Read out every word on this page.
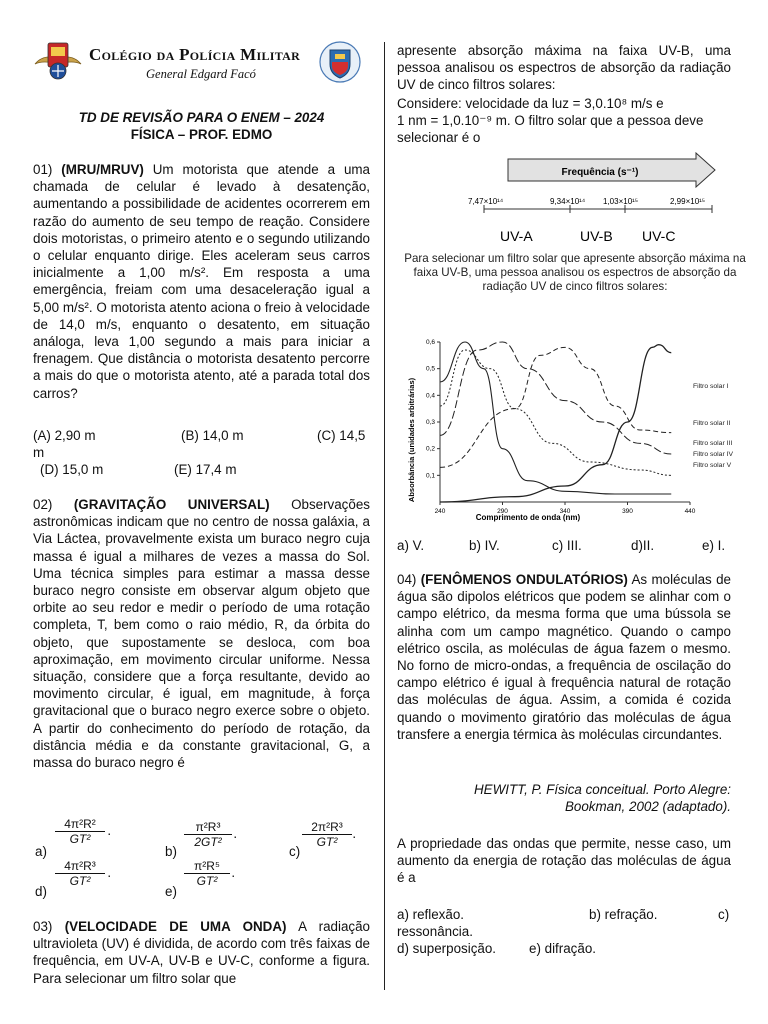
Colégio da Polícia Militar
General Edgard Facó
TD DE REVISÃO PARA O ENEM – 2024
FÍSICA – PROF. EDMO
01) (MRU/MRUV) Um motorista que atende a uma chamada de celular é levado à desatenção, aumentando a possibilidade de acidentes ocorrerem em razão do aumento de seu tempo de reação. Considere dois motoristas, o primeiro atento e o segundo utilizando o celular enquanto dirige. Eles aceleram seus carros inicialmente a 1,00 m/s². Em resposta a uma emergência, freiam com uma desaceleração igual a 5,00 m/s². O motorista atento aciona o freio à velocidade de 14,0 m/s, enquanto o desatento, em situação análoga, leva 1,00 segundo a mais para iniciar a frenagem. Que distância o motorista desatento percorre a mais do que o motorista atento, até a parada total dos carros?
(A) 2,90 m	(B) 14,0 m	(C) 14,5
m
(D) 15,0 m	(E) 17,4 m
02) (GRAVITAÇÃO UNIVERSAL) Observações astronômicas indicam que no centro de nossa galáxia, a Via Láctea, provavelmente exista um buraco negro cuja massa é igual a milhares de vezes a massa do Sol. Uma técnica simples para estimar a massa desse buraco negro consiste em observar algum objeto que orbite ao seu redor e medir o período de uma rotação completa, T, bem como o raio médio, R, da órbita do objeto, que supostamente se desloca, com boa aproximação, em movimento circular uniforme. Nessa situação, considere que a força resultante, devido ao movimento circular, é igual, em magnitude, à força gravitacional que o buraco negro exerce sobre o objeto. A partir do conhecimento do período de rotação, da distância média e da constante gravitacional, G, a massa do buraco negro é
a)
4π²R²
GT²	·
b)
π²R³
2GT² ·
c)
2π²R³
GT²	·
d)
4π²R³
GT²	·
e)
π²R⁵
GT²	·
03) (VELOCIDADE DE UMA ONDA) A radiação ultravioleta (UV) é dividida, de acordo com três faixas de frequência, em UV-A, UV-B e UV-C, conforme a figura. Para selecionar um filtro solar que
apresente absorção máxima na faixa UV-B, uma pessoa analisou os espectros de absorção da radiação UV de cinco filtros solares:
Considere: velocidade da luz = 3,0.10⁸ m/s e
1 nm = 1,0.10⁻⁹ m. O filtro solar que a pessoa deve selecionar é o
Frequência (s⁻¹)
7,47×10¹⁴	9,34×10¹⁴ 1,03×10¹⁵	2,99×10¹⁵
UV-A	UV-B UV-C
Para selecionar um filtro solar que apresente absorção máxima na faixa UV-B, uma pessoa analisou os espectros de absorção da radiação UV de cinco filtros solares:
240	290	340	390	440
0,1
0,2
0,3
0,4
0,5
0,6
Filtro solar I
Filtro solar II
Filtro solar III
Filtro solar IV
Filtro solar V
Comprimento de onda (nm)
Absorbância (unidades arbitrárias)
a) V.	b) IV.	c) III.	d)II.	e) I.
04) (FENÔMENOS ONDULATÓRIOS) As moléculas de água são dipolos elétricos que podem se alinhar com o campo elétrico, da mesma forma que uma bússola se alinha com um campo magnético. Quando o campo elétrico oscila, as moléculas de água fazem o mesmo. No forno de micro-ondas, a frequência de oscilação do campo elétrico é igual à frequência natural de rotação das moléculas de água. Assim, a comida é cozida quando o movimento giratório das moléculas de água transfere a energia térmica às moléculas circundantes.
HEWITT, P. Física conceitual. Porto Alegre:
Bookman, 2002 (adaptado).
A propriedade das ondas que permite, nesse caso, um aumento da energia de rotação das moléculas de água é a
a) reflexão.	b) refração.	c)
ressonância.
d) superposição. e) difração.
